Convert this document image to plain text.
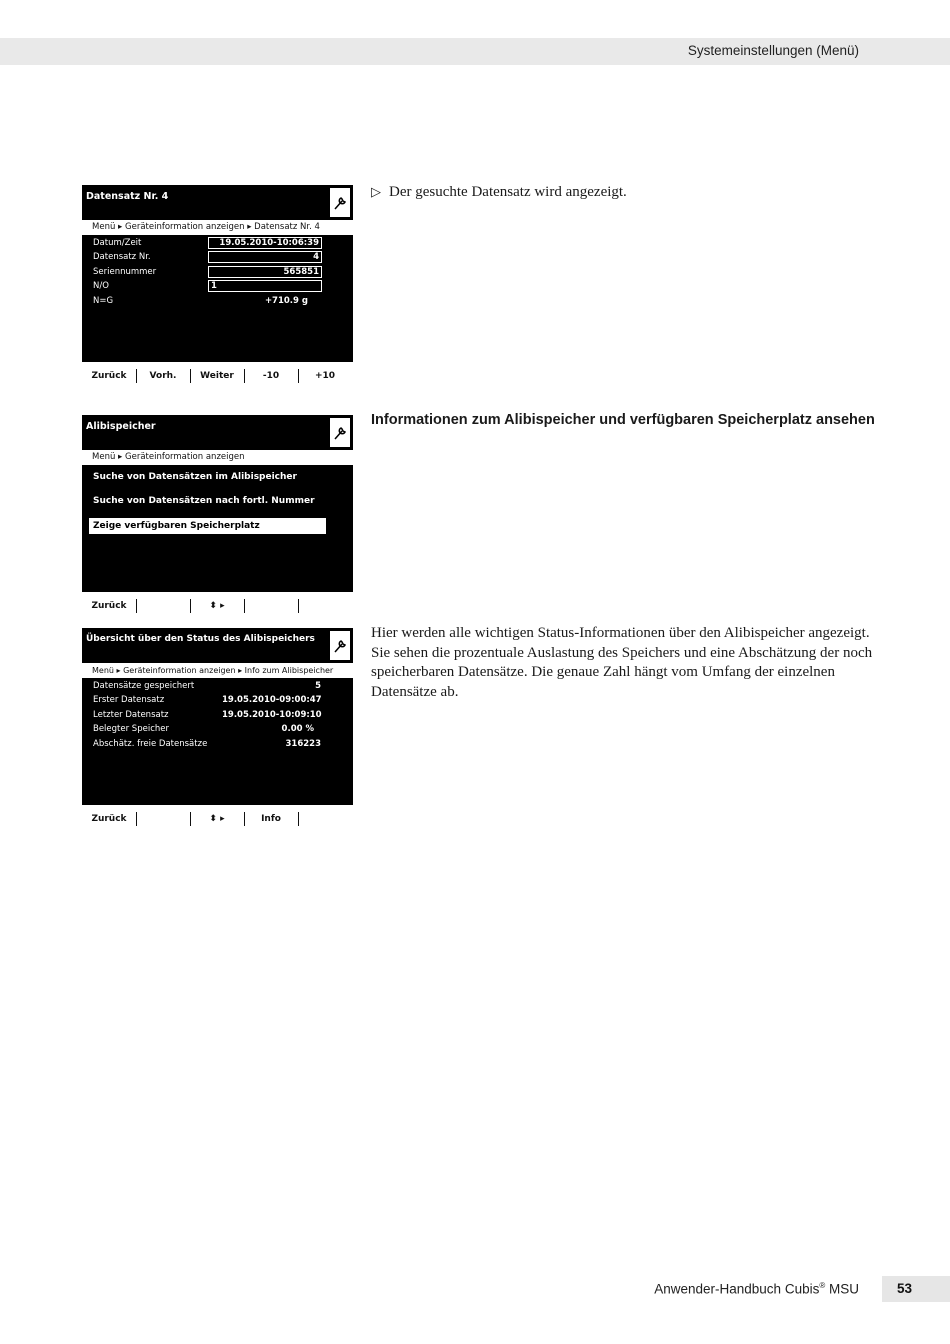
Systemeinstellungen (Menü)
Datensatz Nr. 4
Menü ▸ Geräteinformation anzeigen ▸ Datensatz Nr. 4
Datum/Zeit	19.05.2010-10:06:39
Datensatz Nr.	4
Seriennummer	565851
N/O	1
N=G	+710.9 g
Zurück	Vorh.	Weiter	-10	+10
▷ Der gesuchte Datensatz wird angezeigt.
Alibispeicher
Menü ▸ Geräteinformation anzeigen
Suche von Datensätzen im Alibispeicher
Suche von Datensätzen nach fortl. Nummer
Zeige verfügbaren Speicherplatz
Zurück	⬍ ▸
Informationen zum Alibispeicher und verfügbaren Speicherplatz ansehen
Übersicht über den Status des Alibispeichers
Menü ▸ Geräteinformation anzeigen ▸ Info zum Alibispeicher
Datensätze gespeichert	5
Erster Datensatz	19.05.2010-09:00:47
Letzter Datensatz	19.05.2010-10:09:10
Belegter Speicher	0.00 %
Abschätz. freie Datensätze	316223
Zurück	⬍ ▸	Info
Hier werden alle wichtigen Status-Informationen über den Alibispeicher angezeigt.
Sie sehen die prozentuale Auslastung des Speichers und eine Abschätzung der noch
speicherbaren Datensätze. Die genaue Zahl hängt vom Umfang der einzelnen
Datensätze ab.
Anwender-Handbuch Cubis® MSU	53
